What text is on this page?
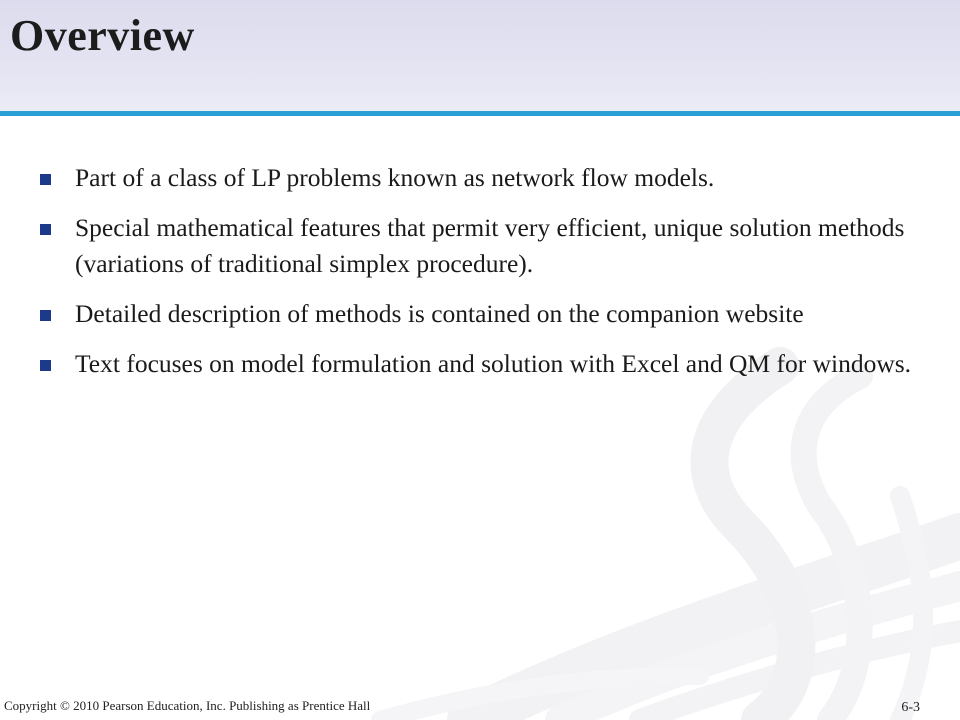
Overview
Part of a class of LP problems known as network flow models.
Special mathematical features that permit very efficient, unique solution methods (variations of traditional simplex procedure).
Detailed description of methods is contained on the companion website
Text focuses on model formulation and solution with Excel and QM for windows.
Copyright © 2010 Pearson Education, Inc. Publishing as Prentice Hall	6-3
